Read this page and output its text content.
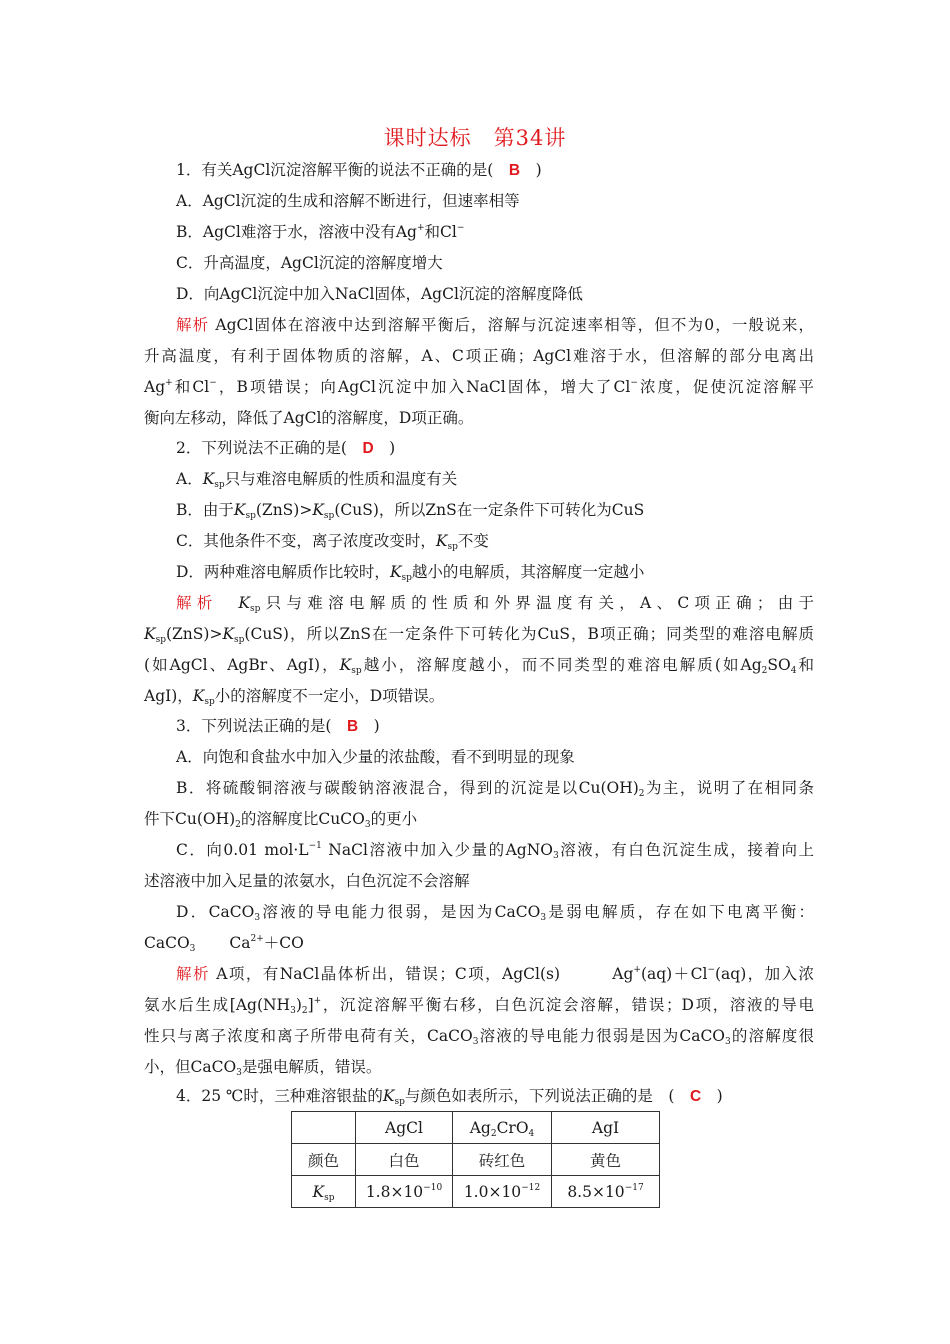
课时达标　第34讲
1．有关AgCl沉淀溶解平衡的说法不正确的是(　 B　 )
A．AgCl沉淀的生成和溶解不断进行，但速率相等
B．AgCl难溶于水，溶液中没有Ag+和Cl−
C．升高温度，AgCl沉淀的溶解度增大
D．向AgCl沉淀中加入NaCl固体，AgCl沉淀的溶解度降低
解析 AgCl固体在溶液中达到溶解平衡后，溶解与沉淀速率相等，但不为0，一般说来，
升高温度，有利于固体物质的溶解，A、C项正确；AgCl难溶于水，但溶解的部分电离出
Ag+和Cl−，B项错误；向AgCl沉淀中加入NaCl固体，增大了Cl−浓度，促使沉淀溶解平
衡向左移动，降低了AgCl的溶解度，D项正确。
2．下列说法不正确的是(　 D　 )
A．$K_{sp}$只与难溶电解质的性质和温度有关
B．由于$K_{sp}(ZnS)>K_{sp}(CuS)$，所以ZnS在一定条件下可转化为CuS
C．其他条件不变，离子浓度改变时，$K_{sp}$不变
D．两种难溶电解质作比较时，$K_{sp}$越小的电解质，其溶解度一定越小
解析　 $K_{sp}$只与难溶电解质的性质和外界温度有关，A、C项正确；由于
$K_{sp}(ZnS)>K_{sp}(CuS)$，所以ZnS在一定条件下可转化为CuS，B项正确；同类型的难溶电解质
(如AgCl、AgBr、AgI)，$K_{sp}$越小，溶解度越小，而不同类型的难溶电解质(如$Ag_2SO_4$和
AgI)，$K_{sp}$小的溶解度不一定小，D项错误。
3．下列说法正确的是(　 B　 )
A．向饱和食盐水中加入少量的浓盐酸，看不到明显的现象
B．将硫酸铜溶液与碳酸钠溶液混合，得到的沉淀是以$Cu(OH)_2$为主，说明了在相同条
件下$Cu(OH)_2$的溶解度比CuCO$_3$的更小
C．向0.01 $mol\cdot L^{-1}$ NaCl溶液中加入少量的AgNO$_3$溶液，有白色沉淀生成，接着向上
述溶液中加入足量的浓氨水，白色沉淀不会溶解
D．CaCO$_3$溶液的导电能力很弱，是因为CaCO$_3$是弱电解质，存在如下电离平衡：
CaCO$_3$ $Ca^{2+}+CO$
解析 A项，有NaCl晶体析出，错误；C项，AgCl(s)　　　	Ag+(aq)＋Cl−(aq)，加入浓
氨水后生成$[Ag(NH_3)_2]^+$，沉淀溶解平衡右移，白色沉淀会溶解，错误；D项，溶液的导电
性只与离子浓度和离子所带电荷有关，CaCO$_3$溶液的导电能力很弱是因为CaCO$_3$的溶解度很
小，但CaCO$_3$是强电解质，错误。
4．25 ℃时，三种难溶银盐的$K_{sp}$与颜色如表所示，下列说法正确的是　 (　 C　 )
	AgCl	$Ag_2CrO_4$	AgI
颜色	白色	砖红色	黄色
$K_{sp}$	$1.8\times 10^{-10}$	$1.0\times 10^{-12}$	$8.5\times 10^{-17}$
